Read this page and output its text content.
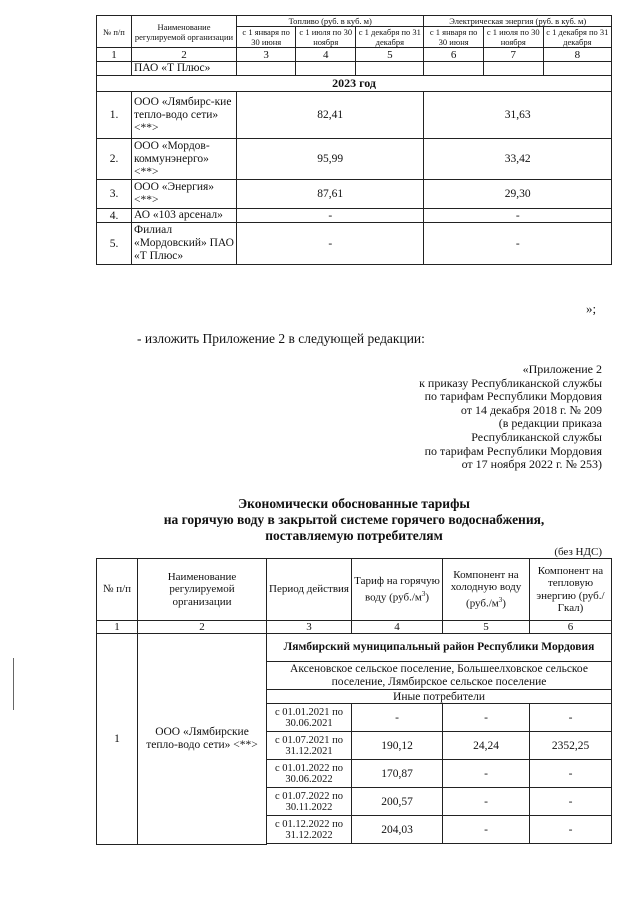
№ п/п	Наименование регулируемой организации	Топливо (руб. в куб. м)			Электрическая энергия (руб. в куб. м)		
		с 1 января по 30 июня	с 1 июля по 30 ноября	с 1 декабря по 31 декабря	с 1 января по 30 июня	с 1 июля по 30 ноября	с 1 декабря по 31 декабря
1	2	3	4	5	6	7	8
	ПАО «Т Плюс»						
2023 год							
1.	ООО «Лямбирс-кие тепло-водо сети» <**>	82,41			31,63		
2.	ООО «Мордов-коммунэнерго» <**>	95,99			33,42		
3.	ООО «Энергия» <**>	87,61			29,30		
4.	АО «103 арсенал»	-			-		
5.	Филиал «Мордовский» ПАО «Т Плюс»	-			-		
»;
- изложить Приложение 2 в следующей редакции:
«Приложение 2
к приказу Республиканской службы
по тарифам Республики Мордовия
от 14 декабря 2018 г. № 209
(в редакции приказа
Республиканской службы
по тарифам Республики Мордовия
от 17 ноября 2022 г. № 253)
Экономически обоснованные тарифы
на горячую воду в закрытой системе горячего водоснабжения,
поставляемую потребителям
(без НДС)
№ п/п	Наименование регулируемой организации	Период действия	Тариф на горячую воду $(руб./м^3)$	Компонент на холодную воду $(руб./м^3)$	Компонент на тепловую энергию (руб./Гкал)
1	2	3	4	5	6
1	ООО «Лямбирские тепло-водо сети» <**>	Лямбирский муниципальный район Республики Мордовия			
		Аксеновское сельское поселение, Большеелховское сельское поселение, Лямбирское сельское поселение			
		Иные потребители			
		с 01.01.2021 по 30.06.2021	-	-	-
		с 01.07.2021 по 31.12.2021	190,12	24,24	2352,25
		с 01.01.2022 по 30.06.2022	170,87	-	-
		с 01.07.2022 по 30.11.2022	200,57	-	-
		с 01.12.2022 по 31.12.2022	204,03	-	-
